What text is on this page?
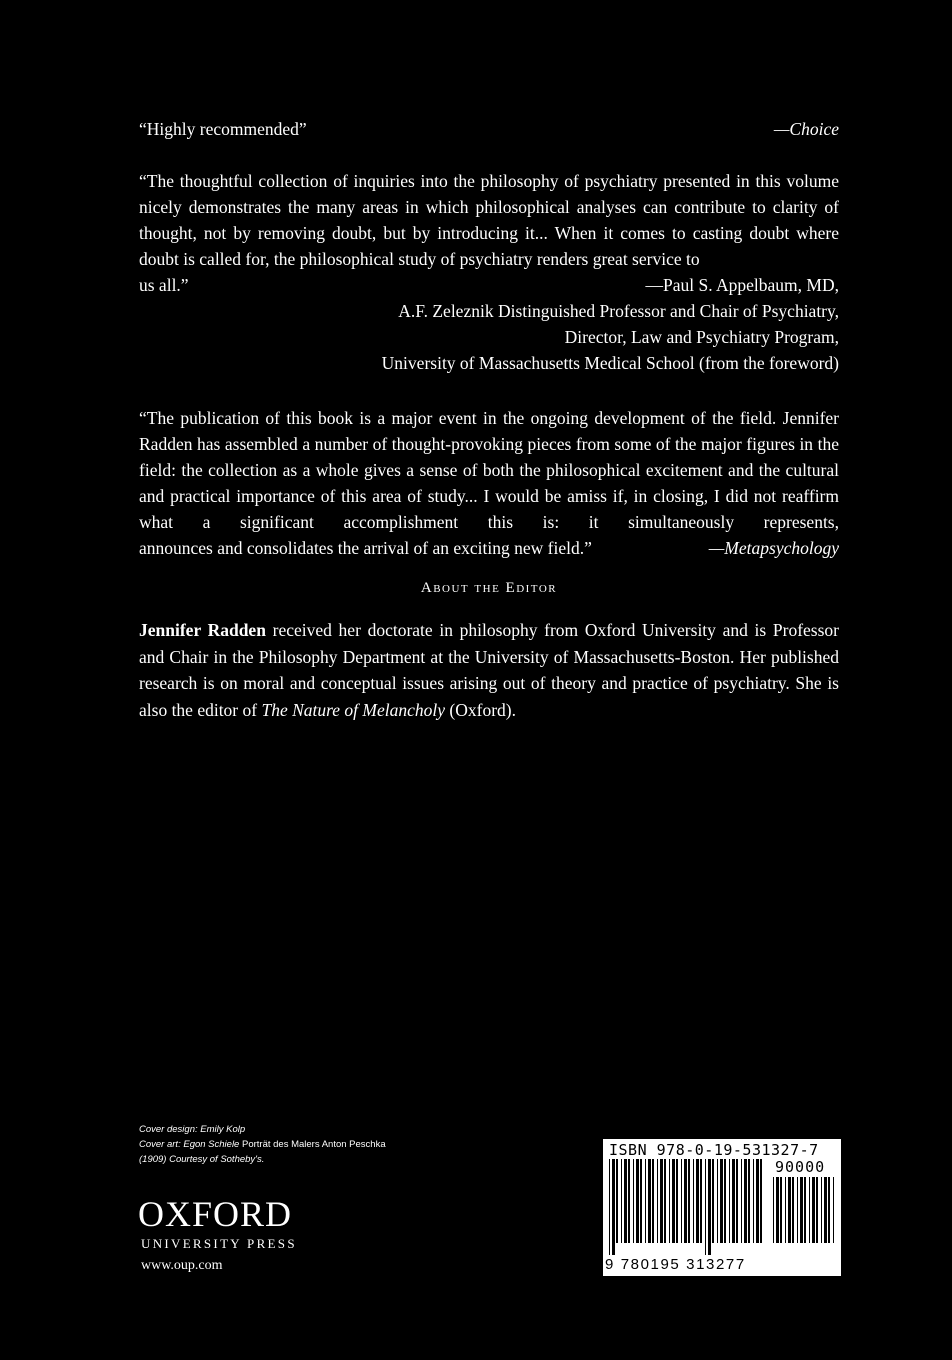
“Highly recommended”	—Choice
“The thoughtful collection of inquiries into the philosophy of psychiatry presented in this volume nicely demonstrates the many areas in which philosophical analyses can contribute to clarity of thought, not by removing doubt, but by introducing it... When it comes to casting doubt where doubt is called for, the philosophical study of psychiatry renders great service to
us all.”	—Paul S. Appelbaum, MD,
A.F. Zeleznik Distinguished Professor and Chair of Psychiatry,
Director, Law and Psychiatry Program,
University of Massachusetts Medical School (from the foreword)
“The publication of this book is a major event in the ongoing development of the field. Jennifer Radden has assembled a number of thought-provoking pieces from some of the major figures in the field: the collection as a whole gives a sense of both the philosophical excitement and the cultural and practical importance of this area of study... I would be amiss if, in closing, I did not reaffirm what a significant accomplishment this is: it simultaneously represents,
announces and consolidates the arrival of an exciting new field.”	—Metapsychology
About the Editor
Jennifer Radden received her doctorate in philosophy from Oxford University and is Professor and Chair in the Philosophy Department at the University of Massachusetts-Boston. Her published research is on moral and conceptual issues arising out of theory and practice of psychiatry. She is also the editor of The Nature of Melancholy (Oxford).
Cover design: Emily Kolp
Cover art: Egon Schiele Porträt des Malers Anton Peschka
(1909) Courtesy of Sotheby's.
OXFORD
UNIVERSITY PRESS
www.oup.com
ISBN 978-0-19-531327-7
90000
9 780195 313277
